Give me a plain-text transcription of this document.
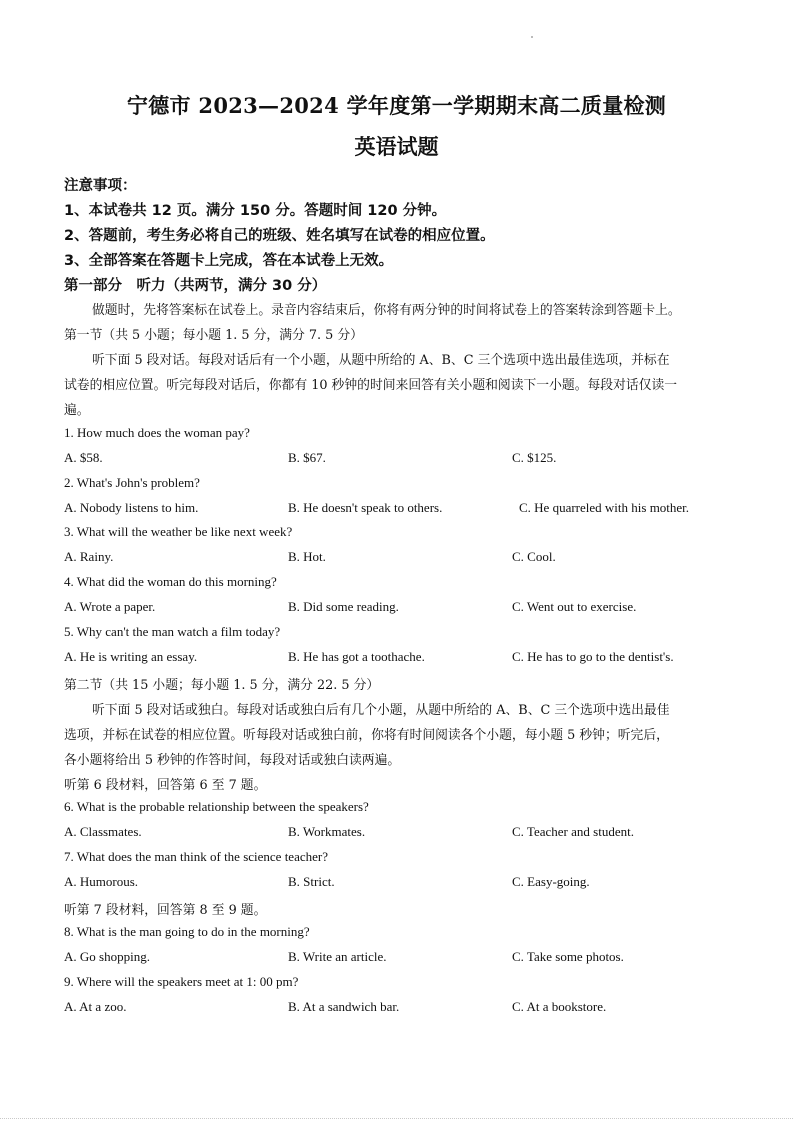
宁德市 2023—2024 学年度第一学期期末高二质量检测
英语试题
注意事项：
1、本试卷共 12 页。满分 150 分。答题时间 120 分钟。
2、答题前，考生务必将自己的班级、姓名填写在试卷的相应位置。
3、全部答案在答题卡上完成，答在本试卷上无效。
第一部分　听力（共两节，满分 30 分）
做题时，先将答案标在试卷上。录音内容结束后，你将有两分钟的时间将试卷上的答案转涂到答题卡上。
第一节（共 5 小题；每小题 1. 5 分，满分 7. 5 分）
听下面 5 段对话。每段对话后有一个小题，从题中所给的 A、B、C 三个选项中选出最佳选项，并标在
试卷的相应位置。听完每段对话后，你都有 10 秒钟的时间来回答有关小题和阅读下一小题。每段对话仅读一
遍。
1. How much does the woman pay?
A. $58.	B. $67.	C. $125.
2. What's John's problem?
A. Nobody listens to him.	B. He doesn't speak to others.	C. He quarreled with his mother.
3. What will the weather be like next week?
A. Rainy.	B. Hot.	C. Cool.
4. What did the woman do this morning?
A. Wrote a paper.	B. Did some reading.	C. Went out to exercise.
5. Why can't the man watch a film today?
A. He is writing an essay.	B. He has got a toothache.	C. He has to go to the dentist's.
第二节（共 15 小题；每小题 1. 5 分，满分 22. 5 分）
听下面 5 段对话或独白。每段对话或独白后有几个小题，从题中所给的 A、B、C 三个选项中选出最佳
选项，并标在试卷的相应位置。听每段对话或独白前，你将有时间阅读各个小题，每小题 5 秒钟；听完后，
各小题将给出 5 秒钟的作答时间，每段对话或独白读两遍。
听第 6 段材料，回答第 6 至 7 题。
6. What is the probable relationship between the speakers?
A. Classmates.	B. Workmates.	C. Teacher and student.
7. What does the man think of the science teacher?
A. Humorous.	B. Strict.	C. Easy-going.
听第 7 段材料，回答第 8 至 9 题。
8. What is the man going to do in the morning?
A. Go shopping.	B. Write an article.	C. Take some photos.
9. Where will the speakers meet at 1: 00 pm?
A. At a zoo.	B. At a sandwich bar.	C. At a bookstore.
